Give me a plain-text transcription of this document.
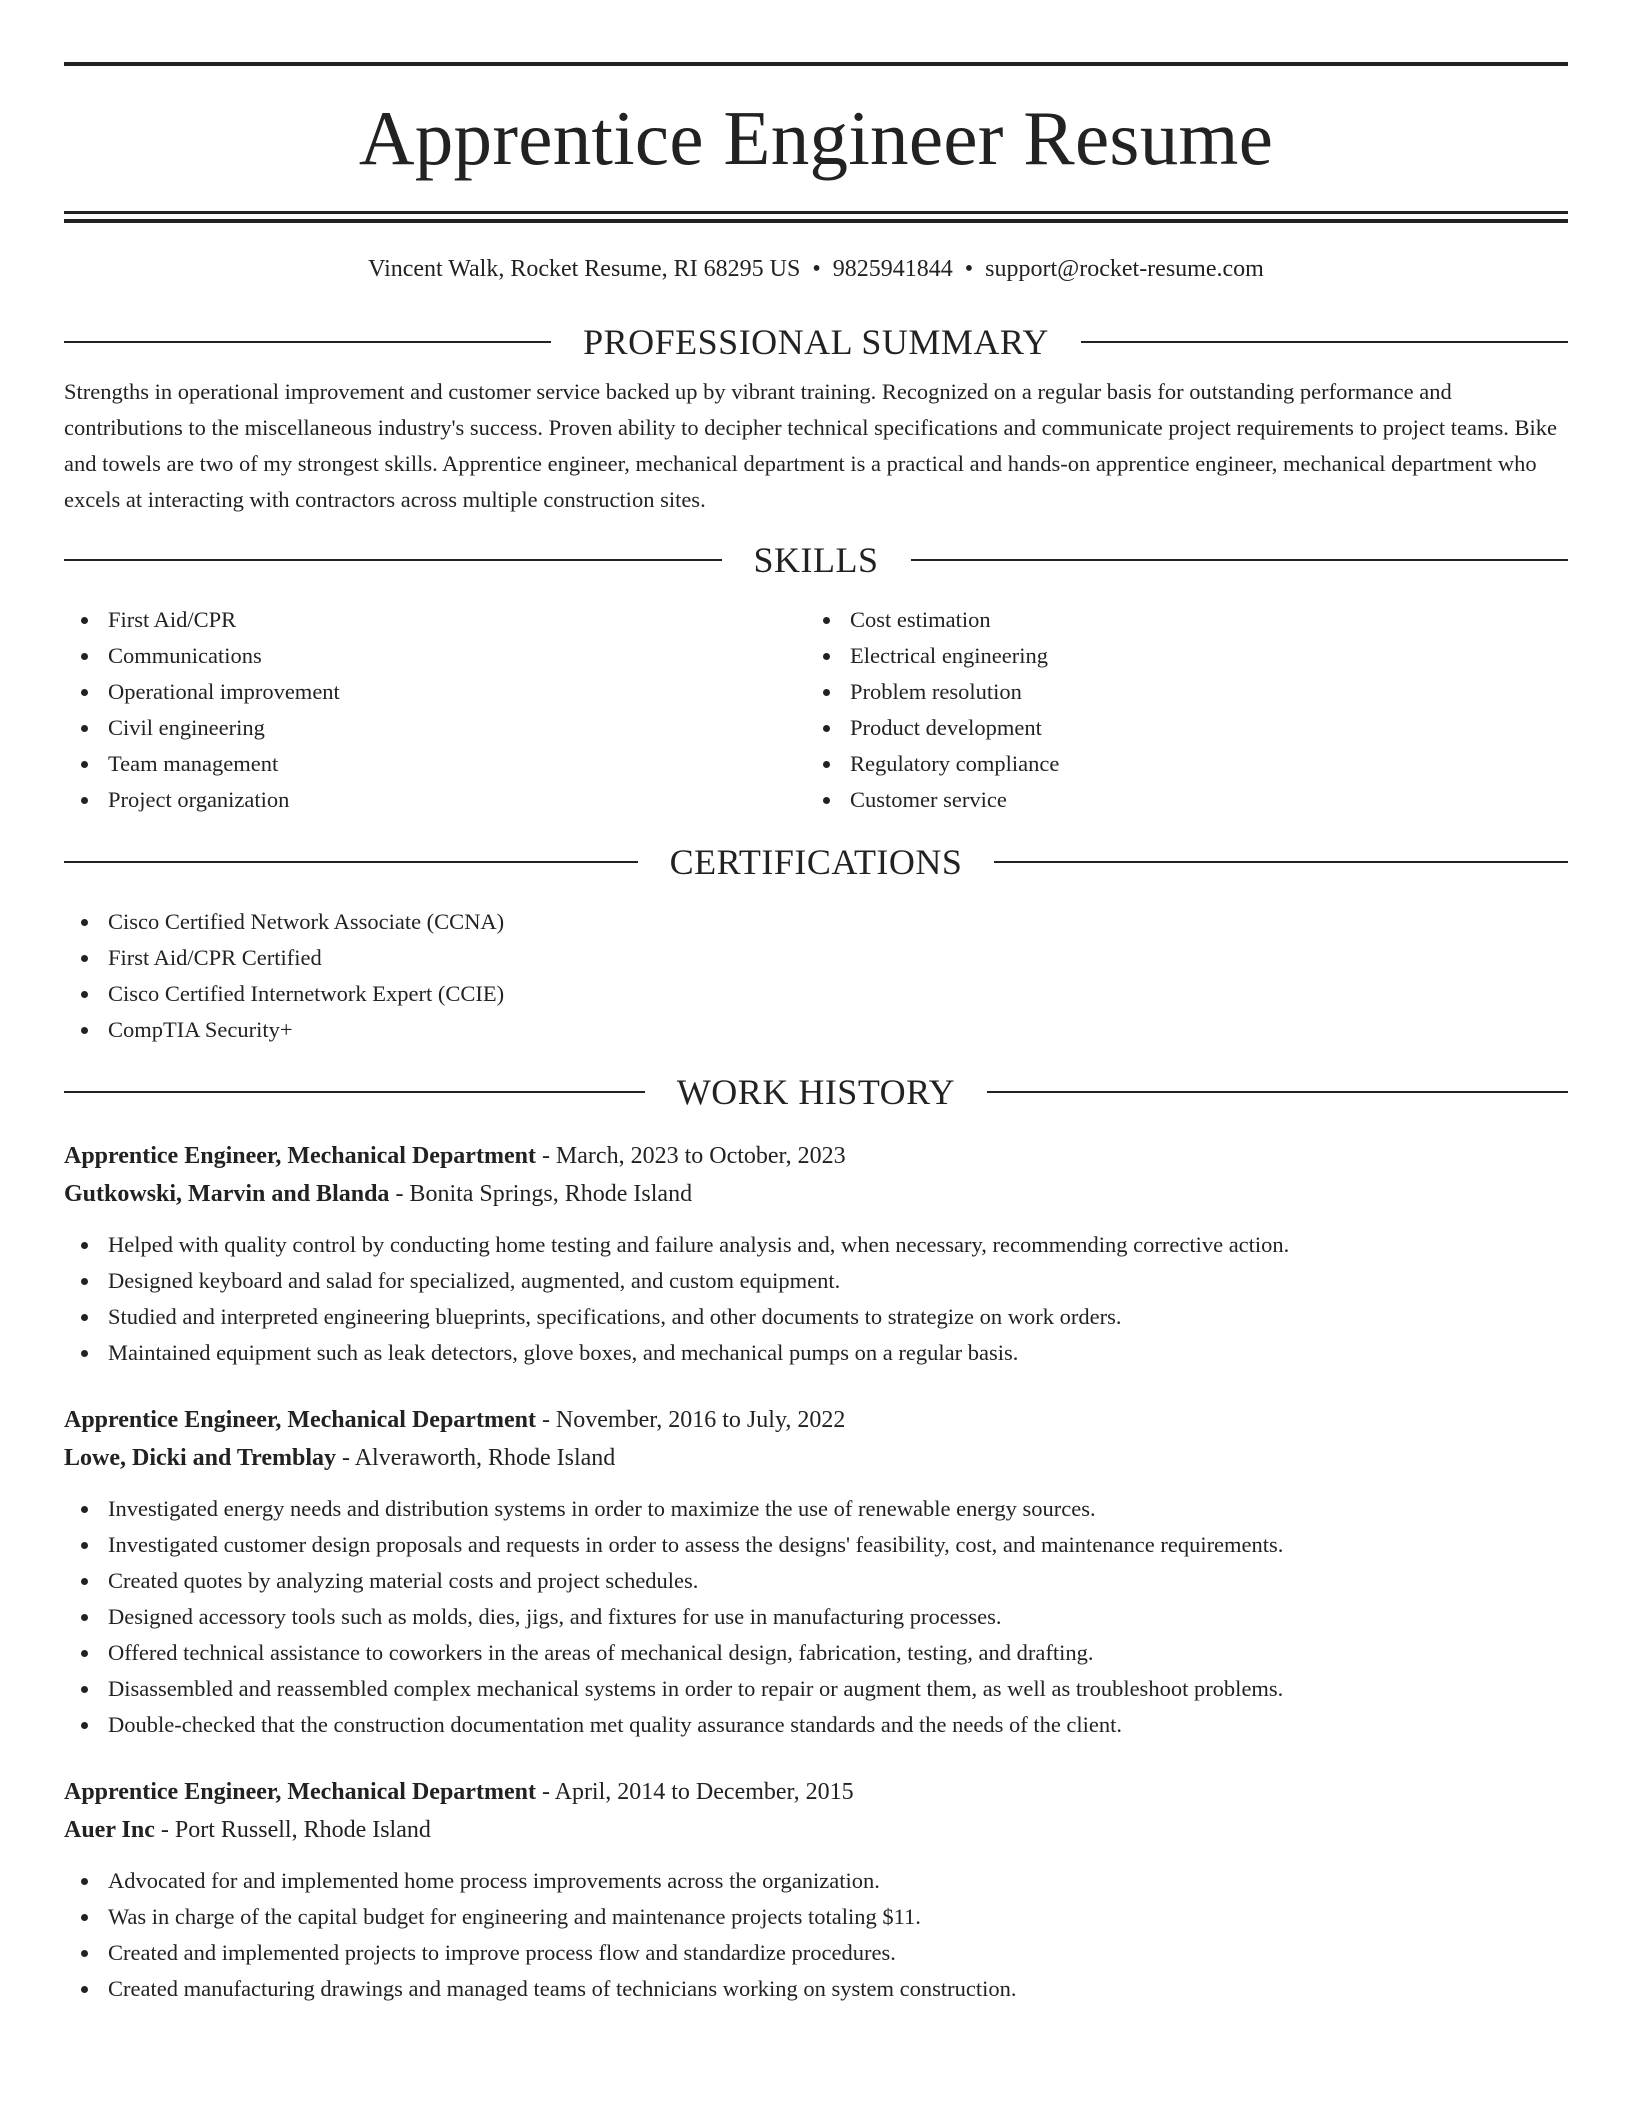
Apprentice Engineer Resume
Vincent Walk, Rocket Resume, RI 68295 US • 9825941844 • support@rocket-resume.com
PROFESSIONAL SUMMARY

Strengths in operational improvement and customer service backed up by vibrant training. Recognized on a regular basis for outstanding performance and contributions to the miscellaneous industry's success. Proven ability to decipher technical specifications and communicate project requirements to project teams. Bike and towels are two of my strongest skills. Apprentice engineer, mechanical department is a practical and hands-on apprentice engineer, mechanical department who excels at interacting with contractors across multiple construction sites.

SKILLS
First Aid/CPR
Communications
Operational improvement
Civil engineering
Team management
Project organization
Cost estimation
Electrical engineering
Problem resolution
Product development
Regulatory compliance
Customer service
CERTIFICATIONS
Cisco Certified Network Associate (CCNA)
First Aid/CPR Certified
Cisco Certified Internetwork Expert (CCIE)
CompTIA Security+
WORK HISTORY
Apprentice Engineer, Mechanical Department - March, 2023 to October, 2023
Gutkowski, Marvin and Blanda - Bonita Springs, Rhode Island
Helped with quality control by conducting home testing and failure analysis and, when necessary, recommending corrective action.
Designed keyboard and salad for specialized, augmented, and custom equipment.
Studied and interpreted engineering blueprints, specifications, and other documents to strategize on work orders.
Maintained equipment such as leak detectors, glove boxes, and mechanical pumps on a regular basis.
Apprentice Engineer, Mechanical Department - November, 2016 to July, 2022
Lowe, Dicki and Tremblay - Alveraworth, Rhode Island
Investigated energy needs and distribution systems in order to maximize the use of renewable energy sources.
Investigated customer design proposals and requests in order to assess the designs' feasibility, cost, and maintenance requirements.
Created quotes by analyzing material costs and project schedules.
Designed accessory tools such as molds, dies, jigs, and fixtures for use in manufacturing processes.
Offered technical assistance to coworkers in the areas of mechanical design, fabrication, testing, and drafting.
Disassembled and reassembled complex mechanical systems in order to repair or augment them, as well as troubleshoot problems.
Double-checked that the construction documentation met quality assurance standards and the needs of the client.
Apprentice Engineer, Mechanical Department - April, 2014 to December, 2015
Auer Inc - Port Russell, Rhode Island
Advocated for and implemented home process improvements across the organization.
Was in charge of the capital budget for engineering and maintenance projects totaling $11.
Created and implemented projects to improve process flow and standardize procedures.
Created manufacturing drawings and managed teams of technicians working on system construction.
